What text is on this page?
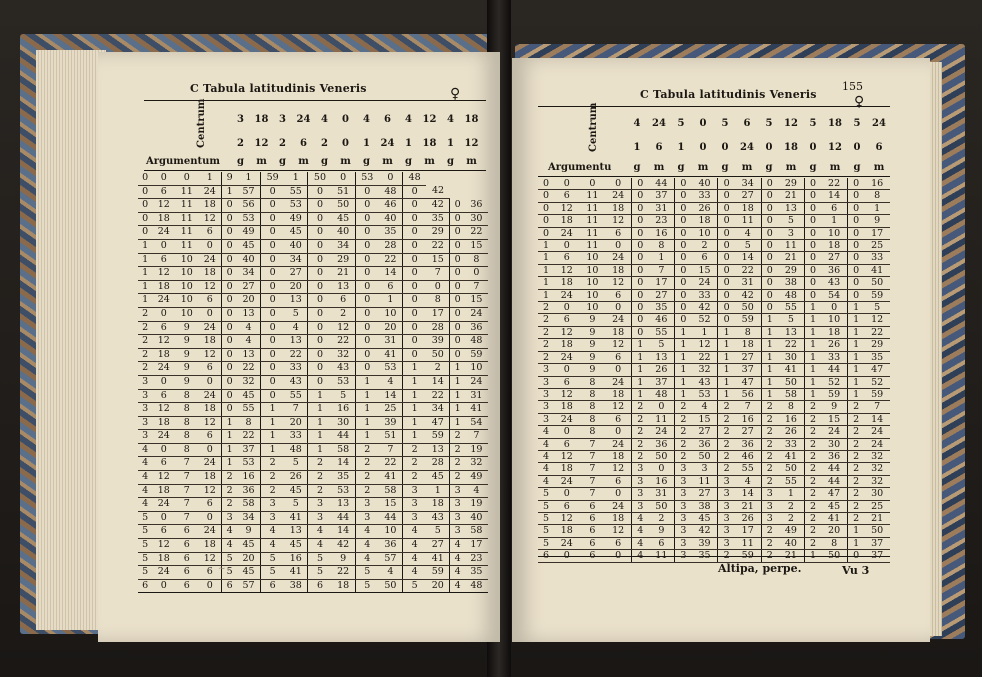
C Tabula latitudinis Veneris	♀
Centrum	3	18	3	24	4	0	4	6	4	12	4	18
2	12	2	6	2	0	1	24	1	18	1	12
Argumentum	g	m	g	m	g	m	g	m	g	m	g	m
0	0	0	1	9	1	59	1	50	0	53	0	48			
0	6	11	24	1	57	0	55	0	51	0	48	0	42		
0	12	11	18	0	56	0	53	0	50	0	46	0	42	0	36
0	18	11	12	0	53	0	49	0	45	0	40	0	35	0	30
0	24	11	6	0	49	0	45	0	40	0	35	0	29	0	22
1	0	11	0	0	45	0	40	0	34	0	28	0	22	0	15
1	6	10	24	0	40	0	34	0	29	0	22	0	15	0	8
1	12	10	18	0	34	0	27	0	21	0	14	0	7	0	0
1	18	10	12	0	27	0	20	0	13	0	6	0	0	0	7
1	24	10	6	0	20	0	13	0	6	0	1	0	8	0	15
2	0	10	0	0	13	0	5	0	2	0	10	0	17	0	24
2	6	9	24	0	4	0	4	0	12	0	20	0	28	0	36
2	12	9	18	0	4	0	13	0	22	0	31	0	39	0	48
2	18	9	12	0	13	0	22	0	32	0	41	0	50	0	59
2	24	9	6	0	22	0	33	0	43	0	53	1	2	1	10
3	0	9	0	0	32	0	43	0	53	1	4	1	14	1	24
3	6	8	24	0	45	0	55	1	5	1	14	1	22	1	31
3	12	8	18	0	55	1	7	1	16	1	25	1	34	1	41
3	18	8	12	1	8	1	20	1	30	1	39	1	47	1	54
3	24	8	6	1	22	1	33	1	44	1	51	1	59	2	7
4	0	8	0	1	37	1	48	1	58	2	7	2	13	2	19
4	6	7	24	1	53	2	5	2	14	2	22	2	28	2	32
4	12	7	18	2	16	2	26	2	35	2	41	2	45	2	49
4	18	7	12	2	36	2	45	2	53	2	58	3	1	3	4
4	24	7	6	2	58	3	5	3	13	3	15	3	18	3	19
5	0	7	0	3	34	3	41	3	44	3	44	3	43	3	40
5	6	6	24	4	9	4	13	4	14	4	10	4	5	3	58
5	12	6	18	4	45	4	45	4	42	4	36	4	27	4	17
5	18	6	12	5	20	5	16	5	9	4	57	4	41	4	23
5	24	6	6	5	45	5	41	5	22	5	4	4	59	4	35
6	0	6	0	6	57	6	38	6	18	5	50	5	20	4	48
~
C Tabula latitudinis Veneris
155
♀
Centrum	4	24	5	0	5	6	5	12	5	18	5	24
1	6	1	0	0	24	0	18	0	12	0	6
Argumentu	g	m	g	m	g	m	g	m	g	m	g	m
0	0	0	0	0	44	0	40	0	34	0	29	0	22	0	16
0	6	11	24	0	37	0	33	0	27	0	21	0	14	0	8
0	12	11	18	0	31	0	26	0	18	0	13	0	6	0	1
0	18	11	12	0	23	0	18	0	11	0	5	0	1	0	9
0	24	11	6	0	16	0	10	0	4	0	3	0	10	0	17
1	0	11	0	0	8	0	2	0	5	0	11	0	18	0	25
1	6	10	24	0	1	0	6	0	14	0	21	0	27	0	33
1	12	10	18	0	7	0	15	0	22	0	29	0	36	0	41
1	18	10	12	0	17	0	24	0	31	0	38	0	43	0	50
1	24	10	6	0	27	0	33	0	42	0	48	0	54	0	59
2	0	10	0	0	35	0	42	0	50	0	55	1	0	1	5
2	6	9	24	0	46	0	52	0	59	1	5	1	10	1	12
2	12	9	18	0	55	1	1	1	8	1	13	1	18	1	22
2	18	9	12	1	5	1	12	1	18	1	22	1	26	1	29
2	24	9	6	1	13	1	22	1	27	1	30	1	33	1	35
3	0	9	0	1	26	1	32	1	37	1	41	1	44	1	47
3	6	8	24	1	37	1	43	1	47	1	50	1	52	1	52
3	12	8	18	1	48	1	53	1	56	1	58	1	59	1	59
3	18	8	12	2	0	2	4	2	7	2	8	2	9	2	7
3	24	8	6	2	11	2	15	2	16	2	16	2	15	2	14
4	0	8	0	2	24	2	27	2	27	2	26	2	24	2	24
4	6	7	24	2	36	2	36	2	36	2	33	2	30	2	24
4	12	7	18	2	50	2	50	2	46	2	41	2	36	2	32
4	18	7	12	3	0	3	3	2	55	2	50	2	44	2	32
4	24	7	6	3	16	3	11	3	4	2	55	2	44	2	32
5	0	7	0	3	31	3	27	3	14	3	1	2	47	2	30
5	6	6	24	3	50	3	38	3	21	3	2	2	45	2	25
5	12	6	18	4	2	3	45	3	26	3	2	2	41	2	21
5	18	6	12	4	9	3	42	3	17	2	49	2	20	1	50
5	24	6	6	4	6	3	39	3	11	2	40	2	8	1	37
6	0	6	0	4	11	3	35	2	59	2	21	1	50	0	37
Altipa, perpe.	Vu 3
